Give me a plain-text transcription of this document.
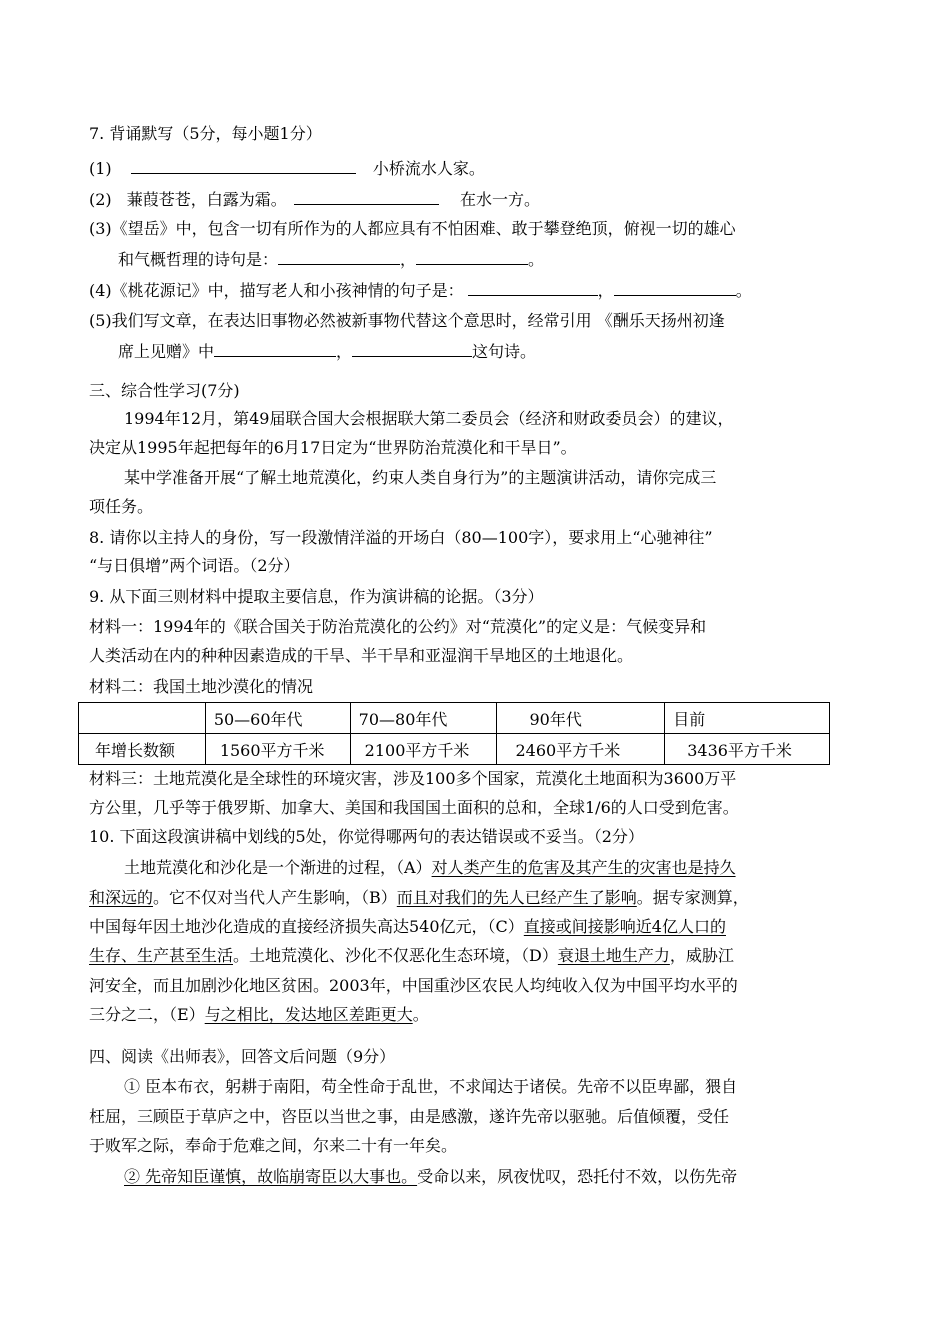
7. 背诵默写（5分，每小题1分）
(1)	小桥流水人家。
(2) 蒹葭苍苍，白露为霜。	在水一方。
(3)《望岳》中，包含一切有所作为的人都应具有不怕困难、敢于攀登绝顶，俯视一切的雄心
和气概哲理的诗句是：	，	。
(4)《桃花源记》中，描写老人和小孩神情的句子是：	，	。
(5)我们写文章，在表达旧事物必然被新事物代替这个意思时，经常引用 《酬乐天扬州初逢
席上见赠》中	，	这句诗。
三、综合性学习(7分)
1994年12月，第49届联合国大会根据联大第二委员会（经济和财政委员会）的建议，
决定从1995年起把每年的6月17日定为“世界防治荒漠化和干旱日”。
某中学准备开展“了解土地荒漠化，约束人类自身行为”的主题演讲活动，请你完成三
项任务。
8. 请你以主持人的身份，写一段激情洋溢的开场白（80—100字），要求用上“心驰神往”
“与日俱增”两个词语。（2分）
9. 从下面三则材料中提取主要信息，作为演讲稿的论据。（3分）
材料一：1994年的《联合国关于防治荒漠化的公约》对“荒漠化”的定义是：气候变异和
人类活动在内的种种因素造成的干旱、半干旱和亚湿润干旱地区的土地退化。
材料二：我国土地沙漠化的情况
	50—60年代	70—80年代	90年代	目前
年增长数额	1560平方千米	2100平方千米	2460平方千米	3436平方千米
材料三：土地荒漠化是全球性的环境灾害，涉及100多个国家，荒漠化土地面积为3600万平
方公里，几乎等于俄罗斯、加拿大、美国和我国国土面积的总和，全球1/6的人口受到危害。
10. 下面这段演讲稿中划线的5处，你觉得哪两句的表达错误或不妥当。（2分）
土地荒漠化和沙化是一个渐进的过程，（A）对人类产生的危害及其产生的灾害也是持久
和深远的。它不仅对当代人产生影响，（B）而且对我们的先人已经产生了影响。据专家测算，
中国每年因土地沙化造成的直接经济损失高达540亿元，（C）直接或间接影响近4亿人口的
生存、生产甚至生活。土地荒漠化、沙化不仅恶化生态环境，（D）衰退土地生产力，威胁江
河安全，而且加剧沙化地区贫困。2003年，中国重沙区农民人均纯收入仅为中国平均水平的
三分之二，（E）与之相比，发达地区差距更大。
四、阅读《出师表》，回答文后问题（9分）
① 臣本布衣，躬耕于南阳，苟全性命于乱世，不求闻达于诸侯。先帝不以臣卑鄙，猥自
枉屈，三顾臣于草庐之中，咨臣以当世之事，由是感激，遂许先帝以驱驰。后值倾覆，受任
于败军之际，奉命于危难之间，尔来二十有一年矣。
② 先帝知臣谨慎，故临崩寄臣以大事也。受命以来，夙夜忧叹，恐托付不效，以伤先帝
